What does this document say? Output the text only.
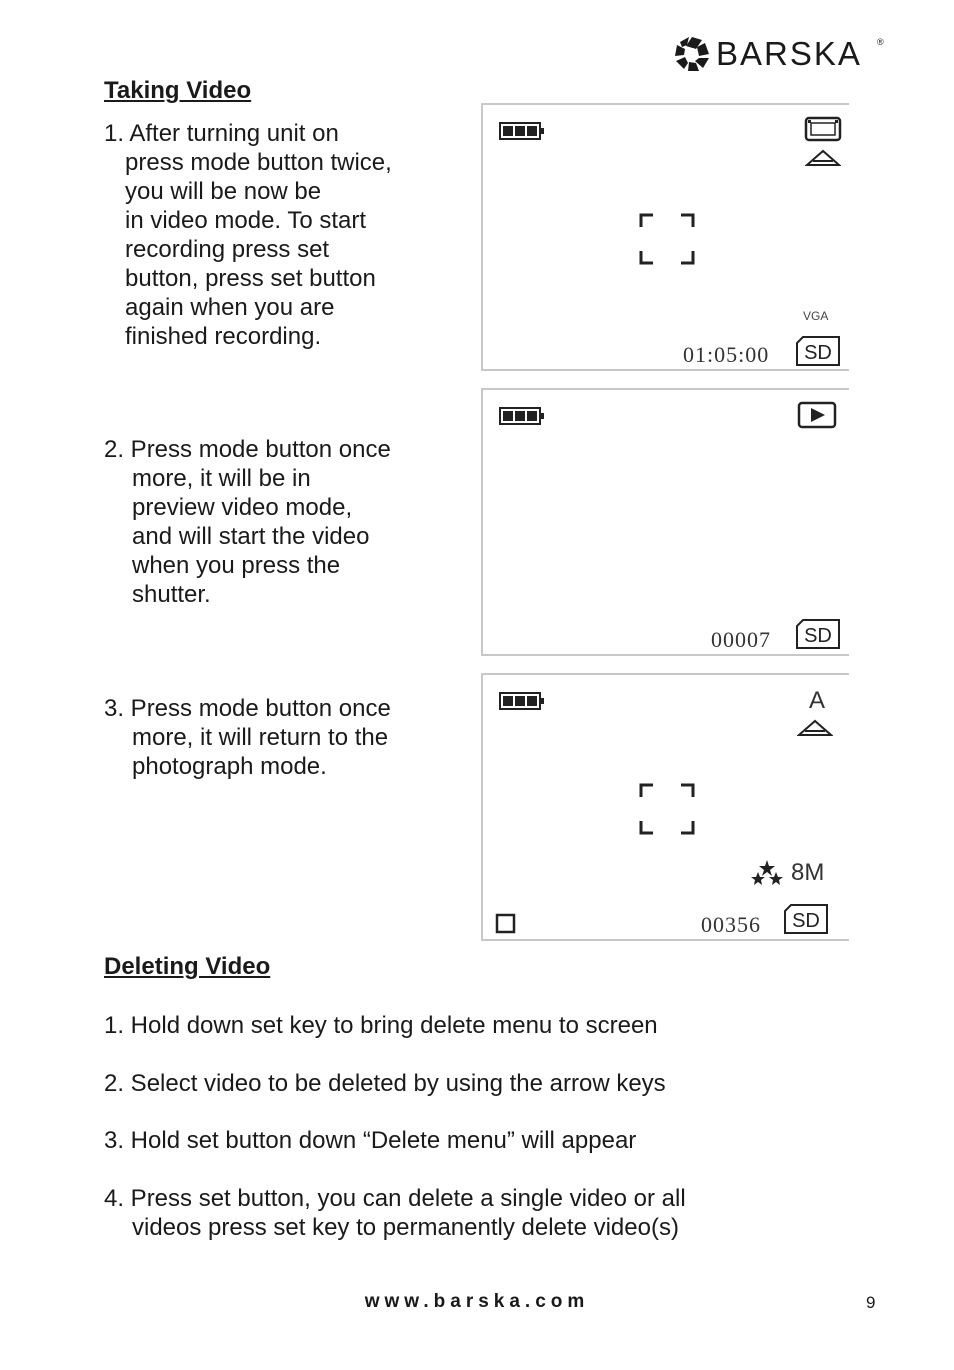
BARSKA ®
Taking Video
1. After turning unit on
press mode button twice,
you will be now be
in video mode. To start
recording press set
button, press set button
again when you are
finished recording.
2. Press mode button once
more, it will be in
preview video mode,
and will start the video
when you press the
shutter.
3. Press mode button once
more, it will return to the
photograph mode.
VGA
01:05:00 SD
00007 SD
A
8M
00356 SD
Deleting Video
1. Hold down set key to bring delete menu to screen
2. Select video to be deleted by using the arrow keys
3. Hold set button down “Delete menu” will appear
4. Press set button, you can delete a single video or all
videos press set key to permanently delete video(s)
www.barska.com	9
